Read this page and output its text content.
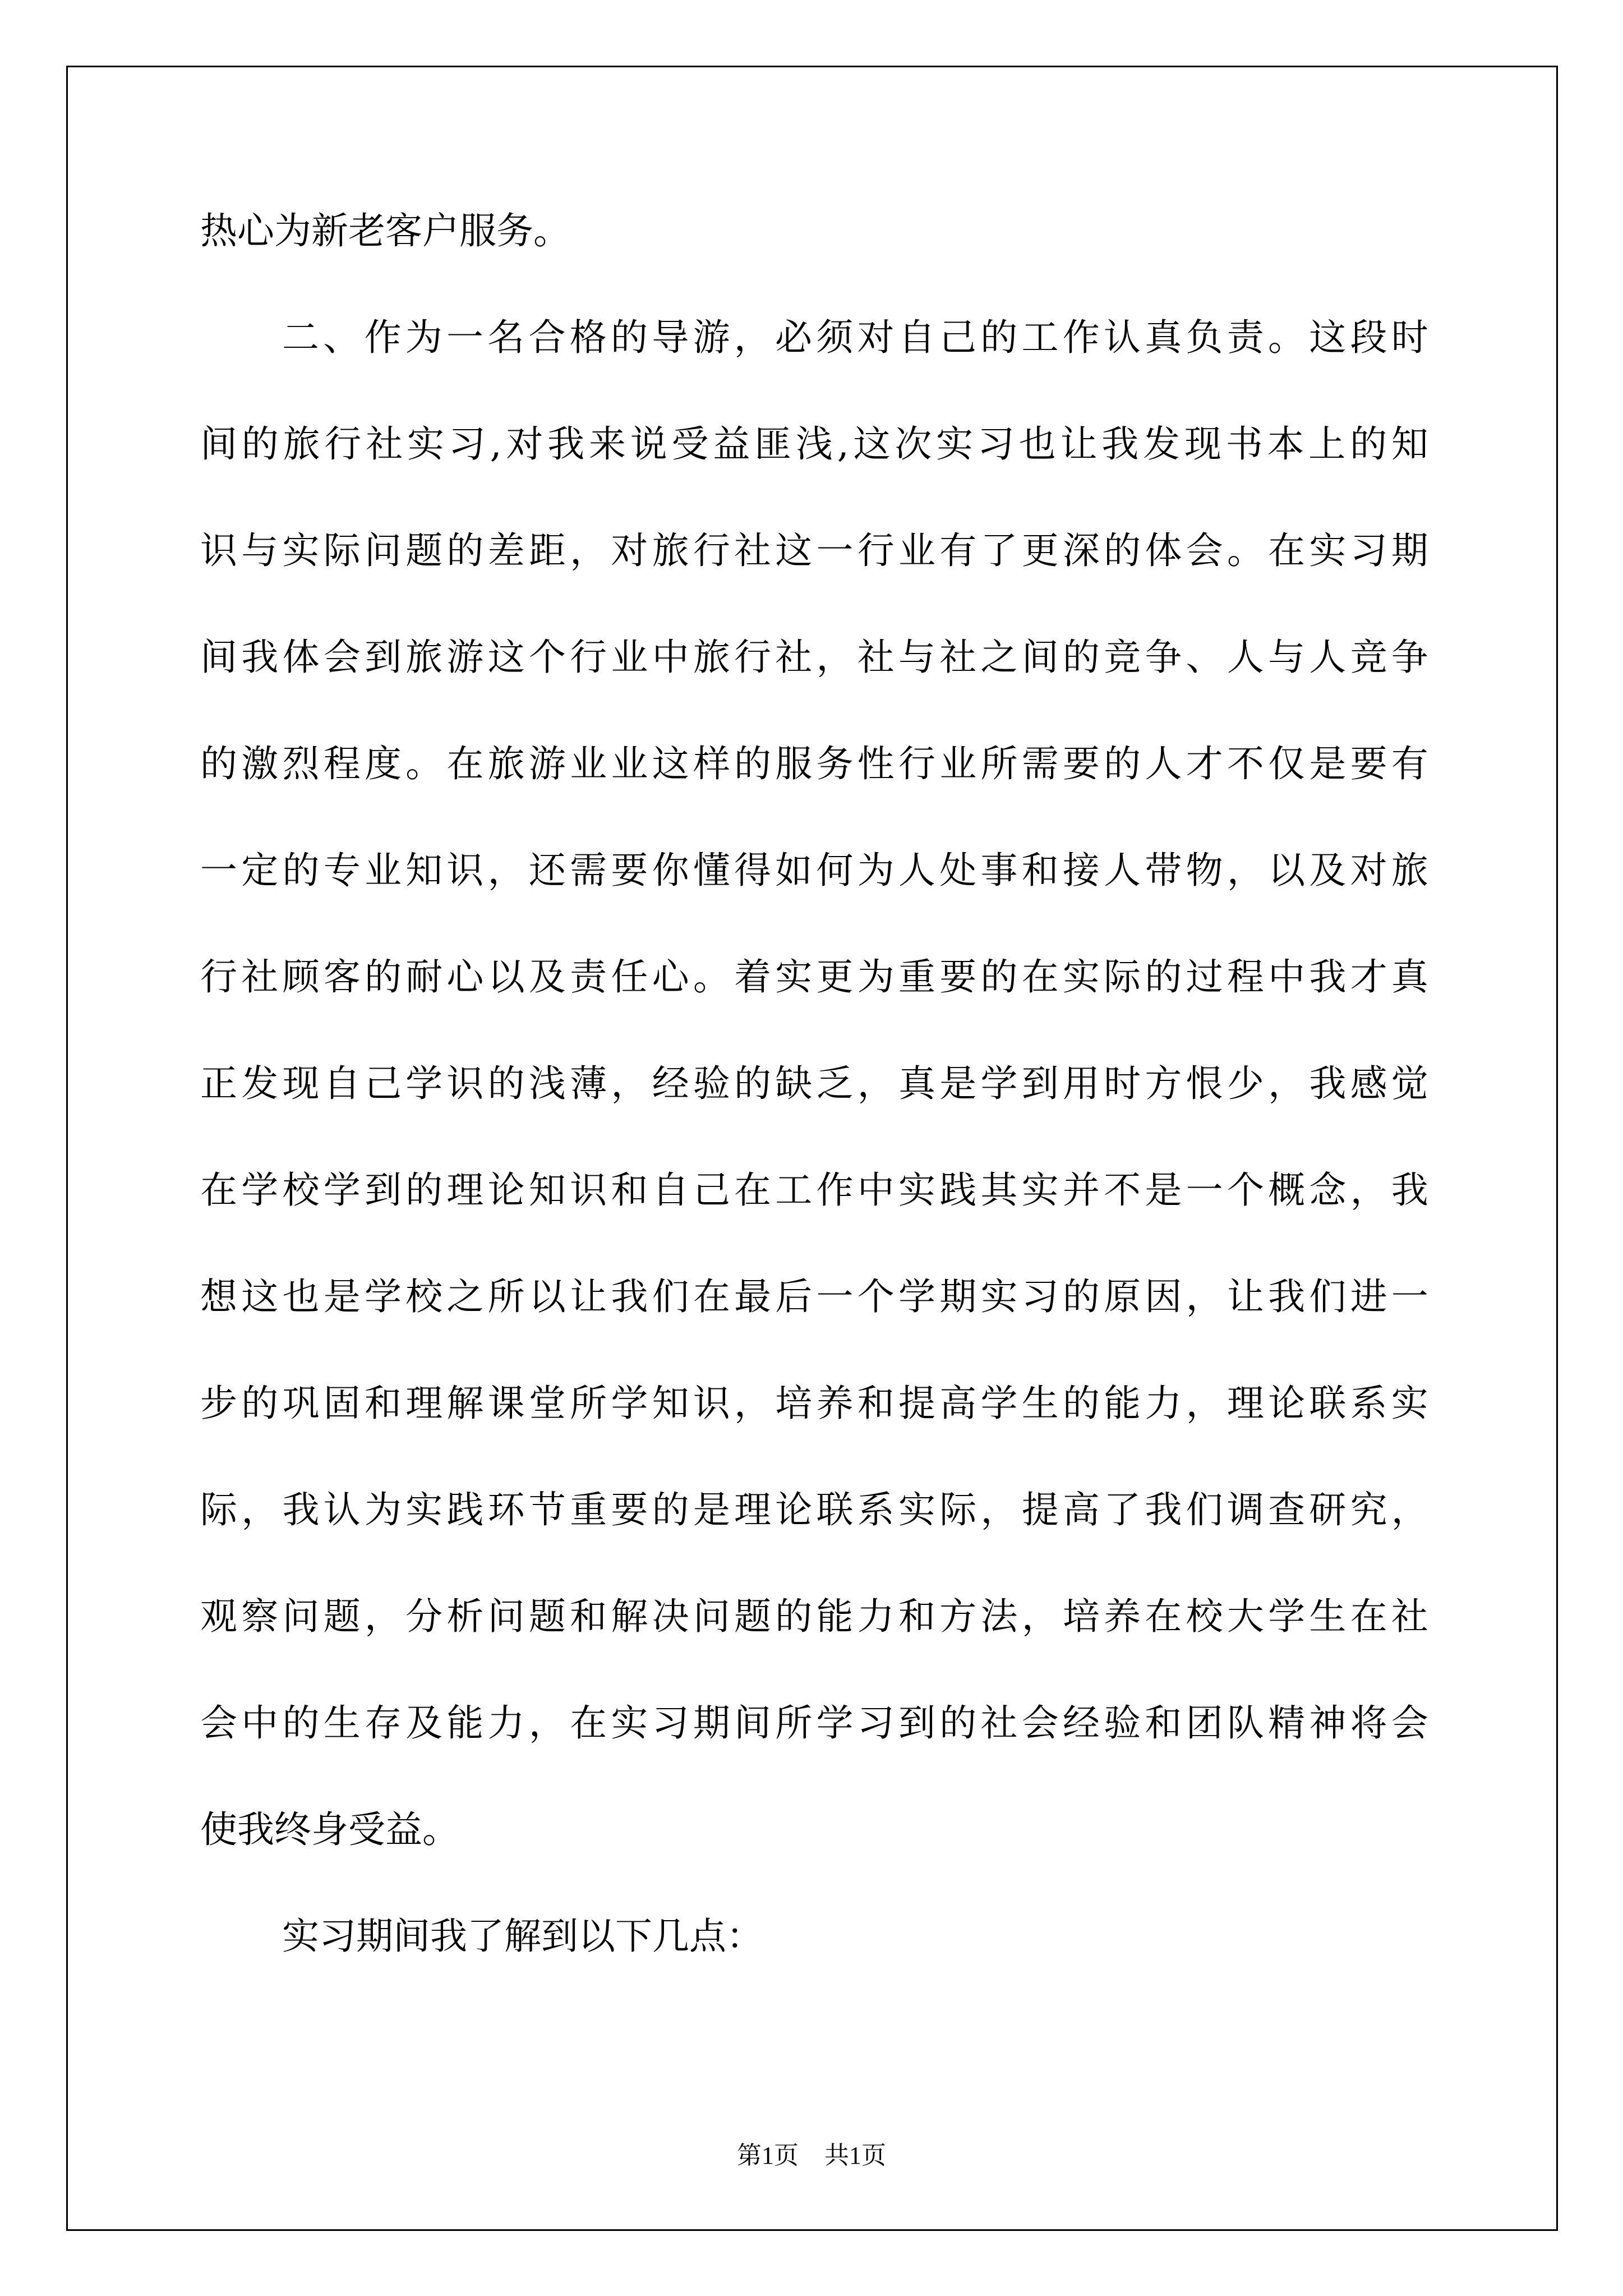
热心为新老客户服务。
二 、 作 为 一 名 合 格 的 导 游 ， 必 须 对 自 己 的 工 作 认 真 负 责 。 这 段 时
间 的 旅 行 社 实 习 , 对 我 来 说 受 益 匪 浅 , 这 次 实 习 也 让 我 发 现 书 本 上 的 知
识 与 实 际 问 题 的 差 距 ， 对 旅 行 社 这 一 行 业 有 了 更 深 的 体 会 。 在 实 习 期
间 我 体 会 到 旅 游 这 个 行 业 中 旅 行 社 ， 社 与 社 之 间 的 竞 争 、 人 与 人 竞 争
的 激 烈 程 度 。 在 旅 游 业 业 这 样 的 服 务 性 行 业 所 需 要 的 人 才 不 仅 是 要 有
一 定 的 专 业 知 识 ， 还 需 要 你 懂 得 如 何 为 人 处 事 和 接 人 带 物 ， 以 及 对 旅
行 社 顾 客 的 耐 心 以 及 责 任 心 。 着 实 更 为 重 要 的 在 实 际 的 过 程 中 我 才 真
正 发 现 自 己 学 识 的 浅 薄 ， 经 验 的 缺 乏 ， 真 是 学 到 用 时 方 恨 少 ， 我 感 觉
在 学 校 学 到 的 理 论 知 识 和 自 己 在 工 作 中 实 践 其 实 并 不 是 一 个 概 念 ， 我
想 这 也 是 学 校 之 所 以 让 我 们 在 最 后 一 个 学 期 实 习 的 原 因 ， 让 我 们 进 一
步 的 巩 固 和 理 解 课 堂 所 学 知 识 ， 培 养 和 提 高 学 生 的 能 力 ， 理 论 联 系 实
际 ， 我 认 为 实 践 环 节 重 要 的 是 理 论 联 系 实 际 ， 提 高 了 我 们 调 查 研 究 ，
观 察 问 题 ， 分 析 问 题 和 解 决 问 题 的 能 力 和 方 法 ， 培 养 在 校 大 学 生 在 社
会 中 的 生 存 及 能 力 ， 在 实 习 期 间 所 学 习 到 的 社 会 经 验 和 团 队 精 神 将 会
使我终身受益。
实习期间我了解到以下几点：
第1页 共1页
